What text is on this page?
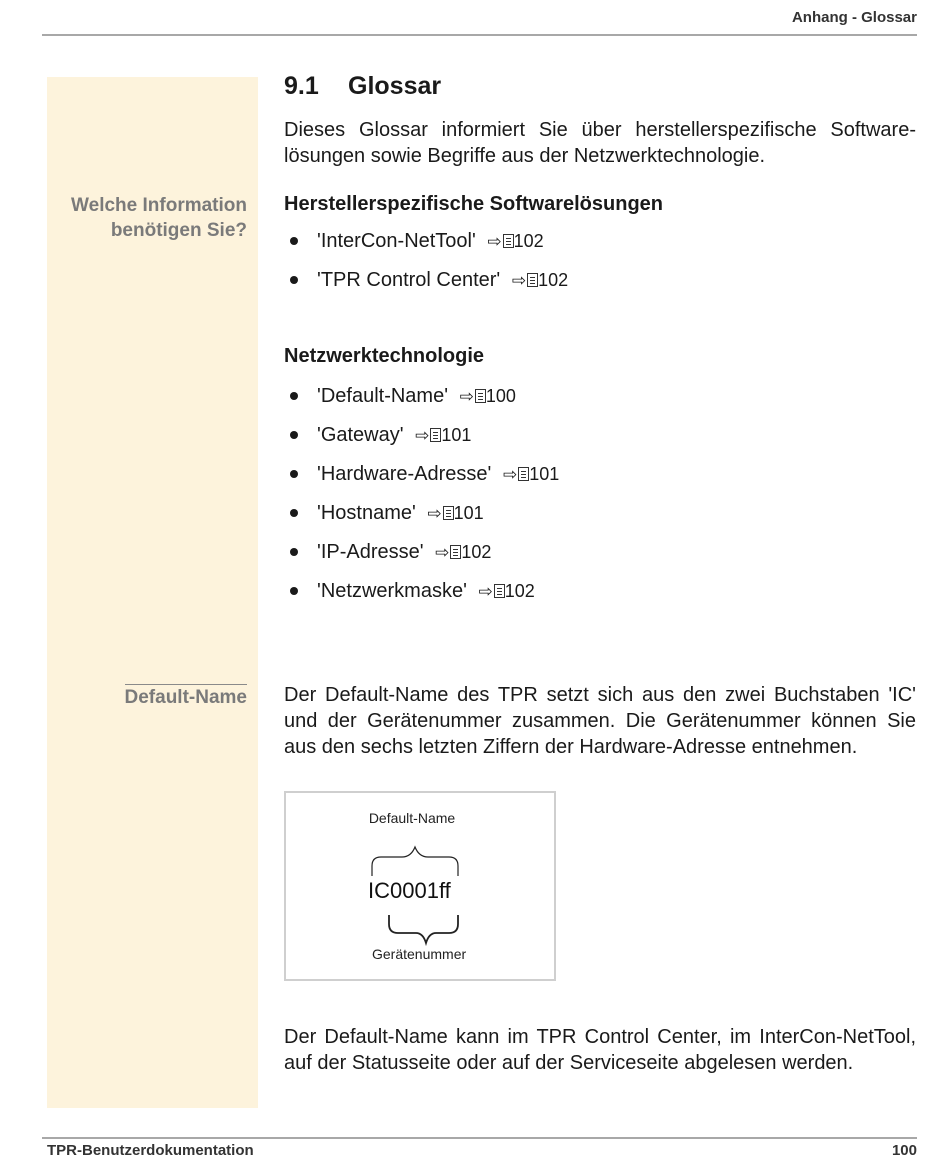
Anhang - Glossar
Welche Information benötigen Sie?
Default-Name
9.1 Glossar

Dieses Glossar informiert Sie über herstellerspezifische Software-lösungen sowie Begriffe aus der Netzwerktechnologie.

Herstellerspezifische Softwarelösungen
'InterCon-NetTool' ⇨ 102
'TPR Control Center' ⇨ 102
Netzwerktechnologie
'Default-Name' ⇨ 100
'Gateway' ⇨ 101
'Hardware-Adresse' ⇨ 101
'Hostname' ⇨ 101
'IP-Adresse' ⇨ 102
'Netzwerkmaske' ⇨ 102

Der Default-Name des TPR setzt sich aus den zwei Buchstaben 'IC' und der Gerätenummer zusammen. Die Gerätenummer können Sie aus den sechs letzten Ziffern der Hardware-Adresse entnehmen.

Default-Name
IC0001ff
Gerätenummer

Der Default-Name kann im TPR Control Center, im InterCon-NetTool, auf der Statusseite oder auf der Serviceseite abgelesen werden.

TPR-Benutzerdokumentation	100
